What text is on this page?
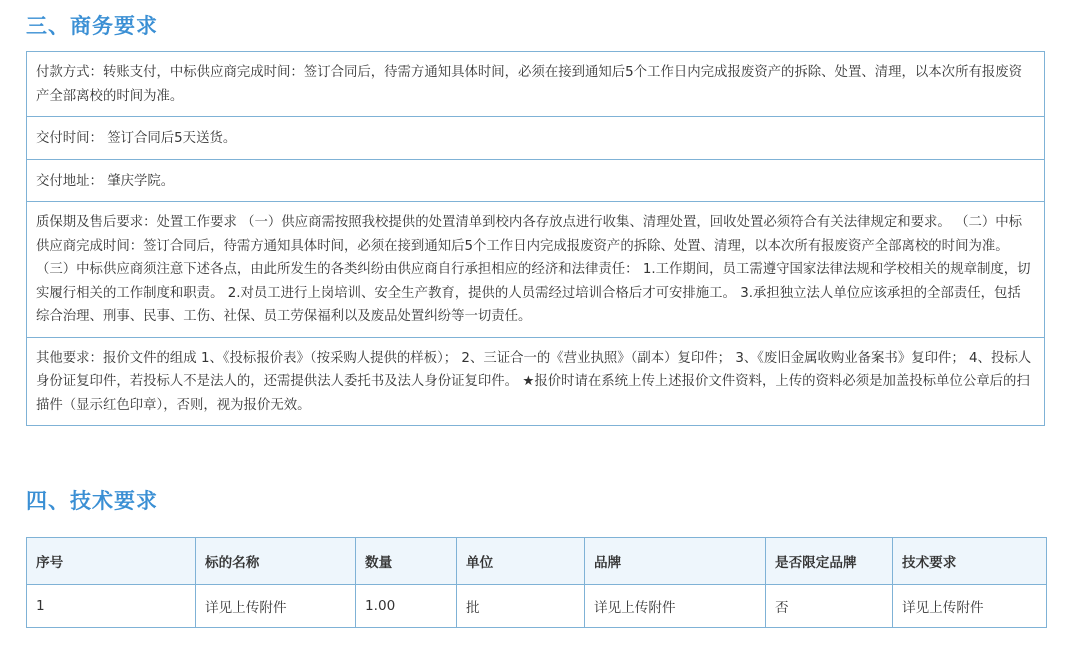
三、商务要求
付款方式：转账支付，中标供应商完成时间：签订合同后，待需方通知具体时间，必须在接到通知后5个工作日内完成报废资产的拆除、处置、清理，以本次所有报废资产全部离校的时间为准。
交付时间： 签订合同后5天送货。
交付地址： 肇庆学院。
质保期及售后要求：处置工作要求 （一）供应商需按照我校提供的处置清单到校内各存放点进行收集、清理处置，回收处置必须符合有关法律规定和要求。 （二）中标供应商完成时间：签订合同后，待需方通知具体时间，必须在接到通知后5个工作日内完成报废资产的拆除、处置、清理，以本次所有报废资产全部离校的时间为准。 （三）中标供应商须注意下述各点，由此所发生的各类纠纷由供应商自行承担相应的经济和法律责任： 1.工作期间，员工需遵守国家法律法规和学校相关的规章制度，切实履行相关的工作制度和职责。 2.对员工进行上岗培训、安全生产教育，提供的人员需经过培训合格后才可安排施工。 3.承担独立法人单位应该承担的全部责任，包括综合治理、刑事、民事、工伤、社保、员工劳保福利以及废品处置纠纷等一切责任。
其他要求：报价文件的组成 1、《投标报价表》（按采购人提供的样板）； 2、三证合一的《营业执照》（副本）复印件； 3、《废旧金属收购业备案书》复印件； 4、投标人身份证复印件，若投标人不是法人的，还需提供法人委托书及法人身份证复印件。 ★报价时请在系统上传上述报价文件资料，上传的资料必须是加盖投标单位公章后的扫描件（显示红色印章），否则，视为报价无效。
四、技术要求
序号	标的名称	数量	单位	品牌	是否限定品牌	技术要求
1	详见上传附件	1.00	批	详见上传附件	否	详见上传附件
